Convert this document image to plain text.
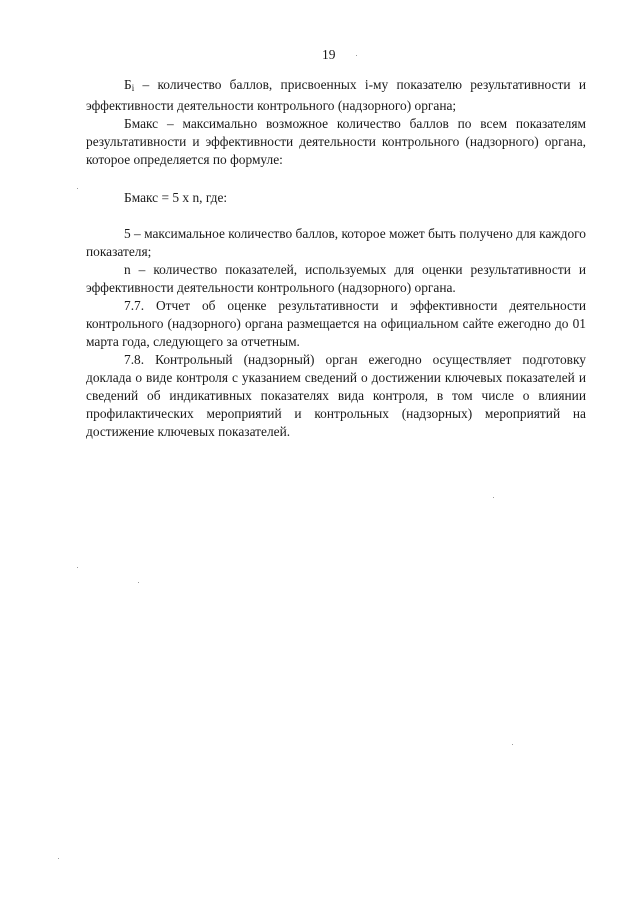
19

$Б_i$ – количество баллов, присвоенных i-му показателю результативности и эффективности деятельности контрольного (надзорного) органа;

Бмакс – максимально возможное количество баллов по всем показателям результативности и эффективности деятельности контрольного (надзорного) органа, которое определяется по формуле:

Бмакс = 5 х n, где:

5 – максимальное количество баллов, которое может быть получено для каждого показателя;

n – количество показателей, используемых для оценки результативности и эффективности деятельности контрольного (надзорного) органа.

7.7. Отчет об оценке результативности и эффективности деятельности контрольного (надзорного) органа размещается на официальном сайте ежегодно до 01 марта года, следующего за отчетным.

7.8. Контрольный (надзорный) орган ежегодно осуществляет подготовку доклада о виде контроля с указанием сведений о достижении ключевых показателей и сведений об индикативных показателях вида контроля, в том числе о влиянии профилактических мероприятий и контрольных (надзорных) мероприятий на достижение ключевых показателей.
